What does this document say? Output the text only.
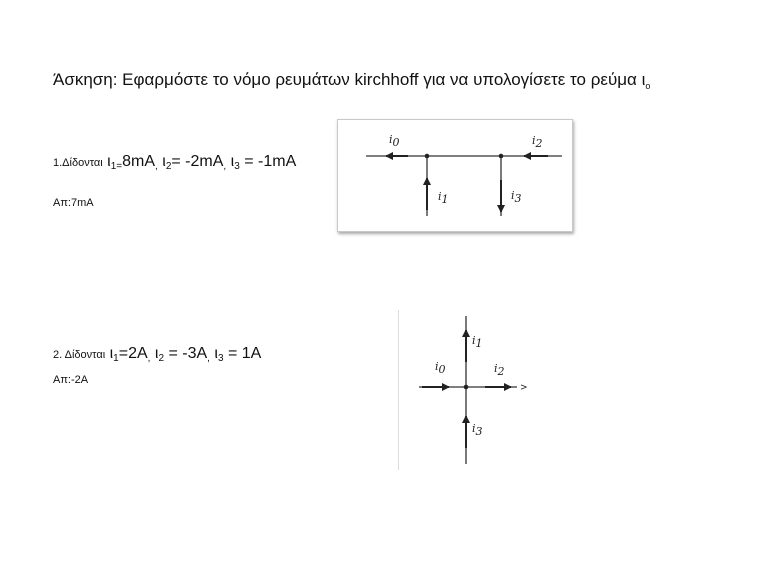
Άσκηση: Εφαρμόστε το νόμο ρευμάτων kirchhoff για να υπολογίσετε το ρεύμα $\iota_o$
1.Δίδονται $\iota_{1=}8mA_,$ $\iota_2= -2mA_,$ $\iota_3 = -1mA$
Απ:7mA
i0	i2
i1	i3
2. Δίδονται $\iota_1=2A_,$ $\iota_2 = -3A_,$ $\iota_3 = 1A$
Απ:-2A
i1
i0	i2
i3
>
